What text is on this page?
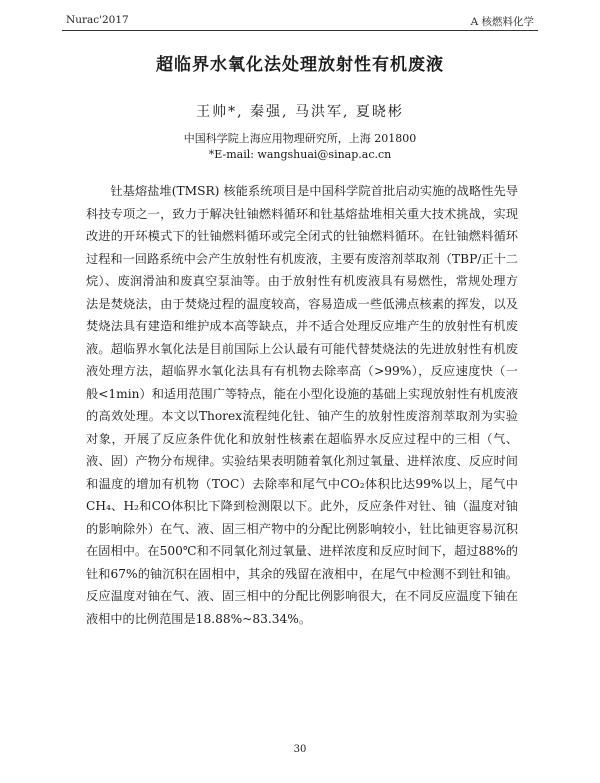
Nurac'2017	A 核燃料化学
超临界水氧化法处理放射性有机废液
王帅*, 秦强, 马洪军, 夏晓彬
中国科学院上海应用物理研究所，上海 201800
*E-mail: wangshuai@sinap.ac.cn

钍基熔盐堆(TMSR) 核能系统项目是中国科学院首批启动实施的战略性先导科技专项之一，致力于解决钍铀燃料循环和钍基熔盐堆相关重大技术挑战，实现改进的开环模式下的钍铀燃料循环或完全闭式的钍铀燃料循环。在钍铀燃料循环过程和一回路系统中会产生放射性有机废液，主要有废溶剂萃取剂（TBP/正十二烷）、废润滑油和废真空泵油等。由于放射性有机废液具有易燃性，常规处理方法是焚烧法，由于焚烧过程的温度较高，容易造成一些低沸点核素的挥发，以及焚烧法具有建造和维护成本高等缺点，并不适合处理反应堆产生的放射性有机废液。超临界水氧化法是目前国际上公认最有可能代替焚烧法的先进放射性有机废液处理方法，超临界水氧化法具有有机物去除率高（>99%），反应速度快（一般<1min）和适用范围广等特点，能在小型化设施的基础上实现放射性有机废液的高效处理。本文以Thorex流程纯化钍、铀产生的放射性废溶剂萃取剂为实验对象，开展了反应条件优化和放射性核素在超临界水反应过程中的三相（气、液、固）产物分布规律。实验结果表明随着氧化剂过氧量、进样浓度、反应时间和温度的增加有机物（TOC）去除率和尾气中CO₂体积比达99%以上，尾气中CH₄、H₂和CO体积比下降到检测限以下。此外，反应条件对钍、铀（温度对铀的影响除外）在气、液、固三相产物中的分配比例影响较小，钍比铀更容易沉积在固相中。在500℃和不同氧化剂过氧量、进样浓度和反应时间下，超过88%的钍和67%的铀沉积在固相中，其余的残留在液相中，在尾气中检测不到钍和铀。反应温度对铀在气、液、固三相中的分配比例影响很大，在不同反应温度下铀在液相中的比例范围是18.88%~83.34%。

30
